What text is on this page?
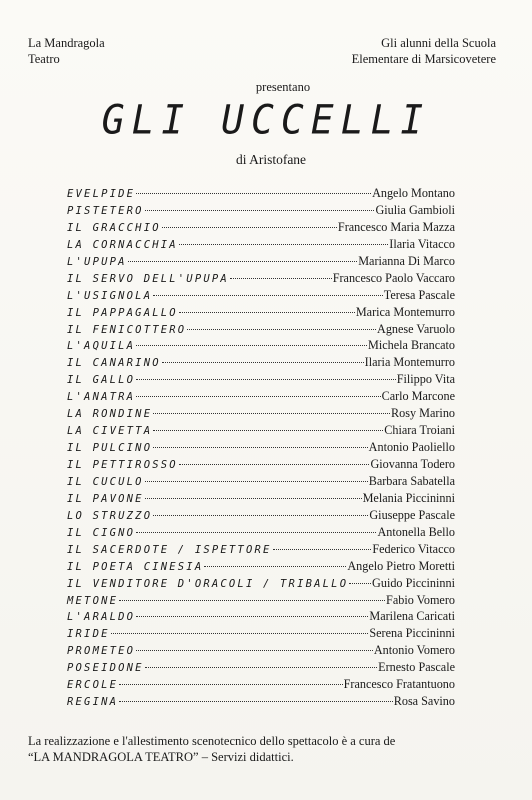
La Mandragola
Teatro
Gli alunni della Scuola
Elementare di Marsicovetere
presentano
GLI UCCELLI
di Aristofane
EVELPIDE	Angelo Montano
PISTETERO	Giulia Gambioli
IL GRACCHIO	Francesco Maria Mazza
LA CORNACCHIA	Ilaria Vitacco
L'UPUPA	Marianna Di Marco
IL SERVO DELL'UPUPA	Francesco Paolo Vaccaro
L'USIGNOLA	Teresa Pascale
IL PAPPAGALLO	Marica Montemurro
IL FENICOTTERO	Agnese Varuolo
L'AQUILA	Michela Brancato
IL CANARINO	Ilaria Montemurro
IL GALLO	Filippo Vita
L'ANATRA	Carlo Marcone
LA RONDINE	Rosy Marino
LA CIVETTA	Chiara Troiani
IL PULCINO	Antonio Paoliello
IL PETTIROSSO	Giovanna Todero
IL CUCULO	Barbara Sabatella
IL PAVONE	Melania Piccininni
LO STRUZZO	Giuseppe Pascale
IL CIGNO	Antonella Bello
IL SACERDOTE / ISPETTORE	Federico Vitacco
IL POETA CINESIA	Angelo Pietro Moretti
IL VENDITORE D'ORACOLI / TRIBALLO Guido Piccininni
METONE	Fabio Vomero
L'ARALDO	Marilena Caricati
IRIDE	Serena Piccininni
PROMETEO	Antonio Vomero
POSEIDONE	Ernesto Pascale
ERCOLE	Francesco Fratantuono
REGINA	Rosa Savino
La realizzazione e l'allestimento scenotecnico dello spettacolo è a cura de
“LA MANDRAGOLA TEATRO” – Servizi didattici.
